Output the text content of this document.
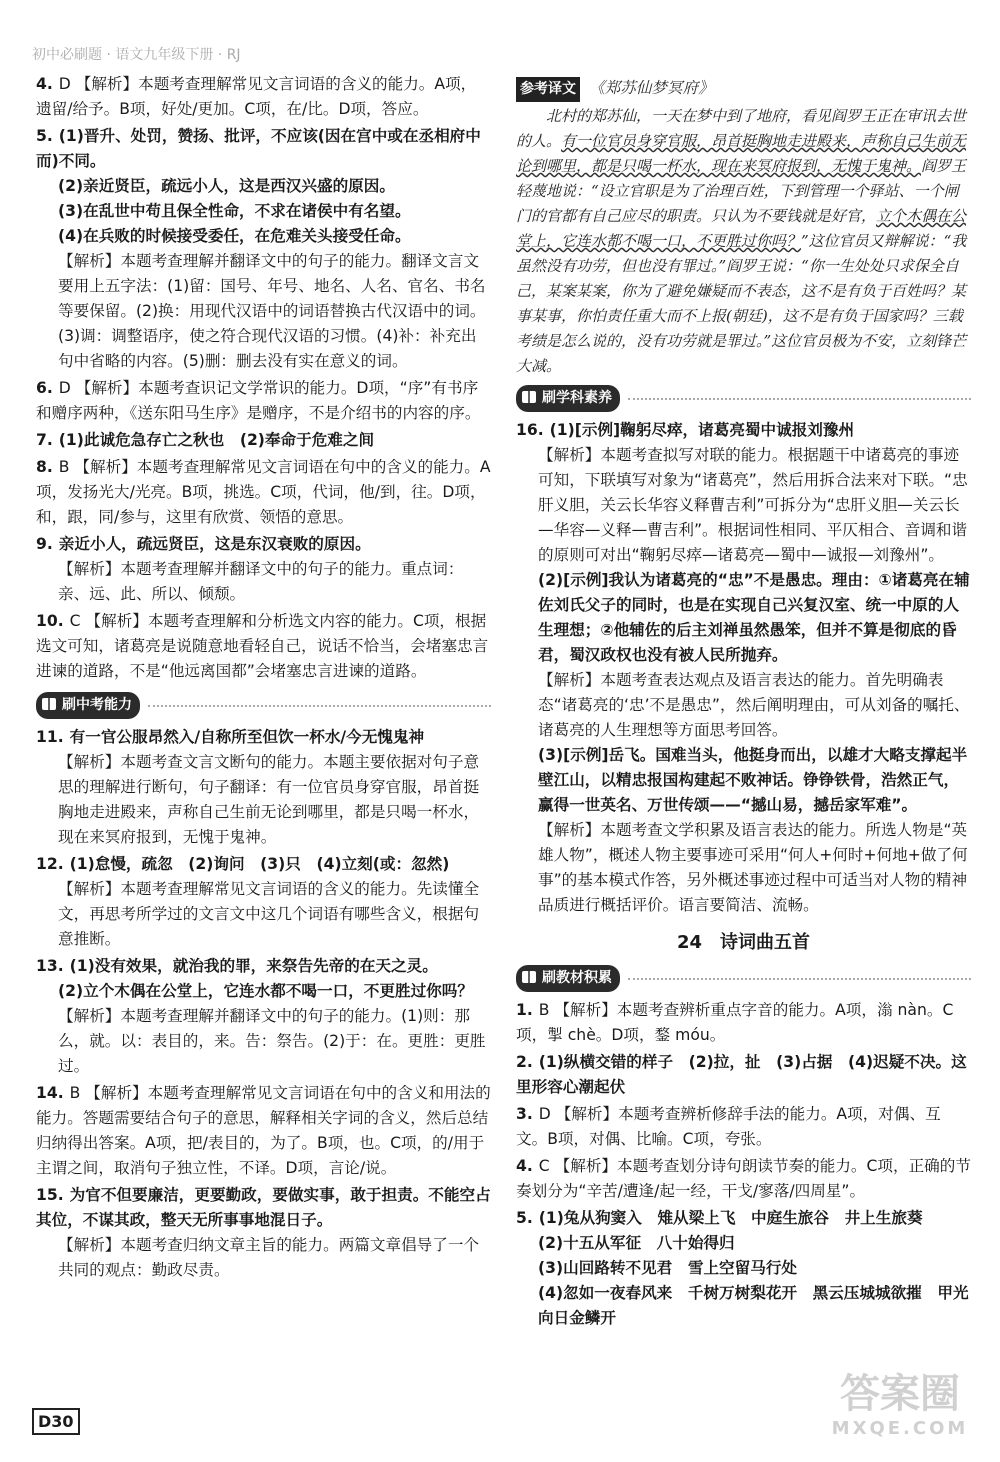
初中必刷题 · 语文九年级下册 · RJ
4. D 【解析】本题考查理解常见文言词语的含义的能力。A项，遗留/给予。B项，好处/更加。C项，在/比。D项，答应。
5. (1)晋升、处罚，赞扬、批评，不应该(因在宫中或在丞相府中而)不同。
(2)亲近贤臣，疏远小人，这是西汉兴盛的原因。
(3)在乱世中苟且保全性命，不求在诸侯中有名望。
(4)在兵败的时候接受委任，在危难关头接受任命。
【解析】本题考查理解并翻译文中的句子的能力。翻译文言文要用上五字法：(1)留：国号、年号、地名、人名、官名、书名等要保留。(2)换：用现代汉语中的词语替换古代汉语中的词。(3)调：调整语序，使之符合现代汉语的习惯。(4)补：补充出句中省略的内容。(5)删：删去没有实在意义的词。
6. D 【解析】本题考查识记文学常识的能力。D项，“序”有书序和赠序两种，《送东阳马生序》是赠序，不是介绍书的内容的序。
7. (1)此诚危急存亡之秋也　(2)奉命于危难之间
8. B 【解析】本题考查理解常见文言词语在句中的含义的能力。A项，发扬光大/光亮。B项，挑选。C项，代词，他/到，往。D项，和，跟，同/参与，这里有欣赏、领悟的意思。
9. 亲近小人，疏远贤臣，这是东汉衰败的原因。
【解析】本题考查理解并翻译文中的句子的能力。重点词：亲、远、此、所以、倾颓。
10. C 【解析】本题考查理解和分析选文内容的能力。C项，根据选文可知，诸葛亮是说随意地看轻自己，说话不恰当，会堵塞忠言进谏的道路，不是“他远离国都”会堵塞忠言进谏的道路。
刷中考能力
11. 有一官公服昂然入/自称所至但饮一杯水/今无愧鬼神
【解析】本题考查文言文断句的能力。本题主要依据对句子意思的理解进行断句，句子翻译：有一位官员身穿官服，昂首挺胸地走进殿来，声称自己生前无论到哪里，都是只喝一杯水，现在来冥府报到，无愧于鬼神。
12. (1)怠慢，疏忽　(2)询问　(3)只　(4)立刻(或：忽然)
【解析】本题考查理解常见文言词语的含义的能力。先读懂全文，再思考所学过的文言文中这几个词语有哪些含义，根据句意推断。
13. (1)没有效果，就治我的罪，来祭告先帝的在天之灵。
(2)立个木偶在公堂上，它连水都不喝一口，不更胜过你吗？
【解析】本题考查理解并翻译文中的句子的能力。(1)则：那么，就。以：表目的，来。告：祭告。(2)于：在。更胜：更胜过。
14. B 【解析】本题考查理解常见文言词语在句中的含义和用法的能力。答题需要结合句子的意思，解释相关字词的含义，然后总结归纳得出答案。A项，把/表目的，为了。B项，也。C项，的/用于主谓之间，取消句子独立性，不译。D项，言论/说。
15. 为官不但要廉洁，更要勤政，要做实事，敢于担责。不能空占其位，不谋其政，整天无所事事地混日子。
【解析】本题考查归纳文章主旨的能力。两篇文章倡导了一个共同的观点：勤政尽责。
参考译文 《郑苏仙梦冥府》

北村的郑苏仙，一天在梦中到了地府，看见阎罗王正在审讯去世的人。有一位官员身穿官服，昂首挺胸地走进殿来，声称自己生前无论到哪里，都是只喝一杯水，现在来冥府报到，无愧于鬼神。阎罗王轻蔑地说：“设立官职是为了治理百姓，下到管理一个驿站、一个闸门的官都有自己应尽的职责。只认为不要钱就是好官，立个木偶在公堂上，它连水都不喝一口，不更胜过你吗？”这位官员又辩解说：“我虽然没有功劳，但也没有罪过。”阎罗王说：“你一生处处只求保全自己，某案某案，你为了避免嫌疑而不表态，这不是有负于百姓吗？某事某事，你怕责任重大而不上报(朝廷)，这不是有负于国家吗？三载考绩是怎么说的，没有功劳就是罪过。”这位官员极为不安，立刻锋芒大减。

刷学科素养
16. (1)[示例]鞠躬尽瘁，诸葛亮蜀中诚报刘豫州
【解析】本题考查拟写对联的能力。根据题干中诸葛亮的事迹可知，下联填写对象为“诸葛亮”，然后用拆合法来对下联。“忠肝义胆，关云长华容义释曹吉利”可拆分为“忠肝义胆—关云长—华容—义释—曹吉利”。根据词性相同、平仄相合、音调和谐的原则可对出“鞠躬尽瘁—诸葛亮—蜀中—诚报—刘豫州”。
(2)[示例]我认为诸葛亮的“忠”不是愚忠。理由：①诸葛亮在辅佐刘氏父子的同时，也是在实现自己兴复汉室、统一中原的人生理想；②他辅佐的后主刘禅虽然愚笨，但并不算是彻底的昏君，蜀汉政权也没有被人民所抛弃。
【解析】本题考查表达观点及语言表达的能力。首先明确表态“诸葛亮的‘忠’不是愚忠”，然后阐明理由，可从刘备的嘱托、诸葛亮的人生理想等方面思考回答。
(3)[示例]岳飞。国难当头，他挺身而出，以雄才大略支撑起半壁江山，以精忠报国构建起不败神话。铮铮铁骨，浩然正气，赢得一世英名、万世传颂——“撼山易，撼岳家军难”。
【解析】本题考查文学积累及语言表达的能力。所选人物是“英雄人物”，概述人物主要事迹可采用“何人+何时+何地+做了何事”的基本模式作答，另外概述事迹过程中可适当对人物的精神品质进行概括评价。语言要简洁、流畅。
24　诗词曲五首
刷教材积累
1. B 【解析】本题考查辨析重点字音的能力。A项，滃 nàn。C项，掣 chè。D项，鍪 móu。
2. (1)纵横交错的样子　(2)拉，扯　(3)占据　(4)迟疑不决。这里形容心潮起伏
3. D 【解析】本题考查辨析修辞手法的能力。A项，对偶、互文。B项，对偶、比喻。C项，夸张。
4. C 【解析】本题考查划分诗句朗读节奏的能力。C项，正确的节奏划分为“辛苦/遭逢/起一经，干戈/寥落/四周星”。
5. (1)兔从狗窦入　雉从梁上飞　中庭生旅谷　井上生旅葵
(2)十五从军征　八十始得归
(3)山回路转不见君　雪上空留马行处
(4)忽如一夜春风来　千树万树梨花开　黑云压城城欲摧　甲光向日金鳞开
D30
答案圈
MXQE.COM
